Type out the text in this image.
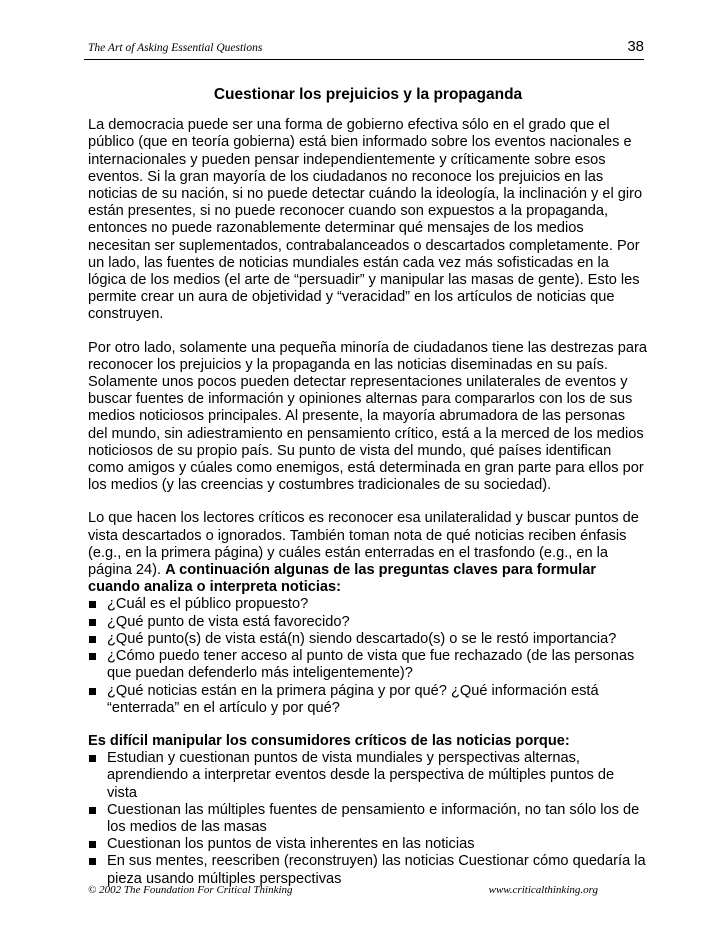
The Art of Asking Essential Questions	38
Cuestionar los prejuicios y la propaganda

La democracia puede ser una forma de gobierno efectiva sólo en el grado que el público (que en teoría gobierna) está bien informado sobre los eventos nacionales e internacionales y pueden pensar independientemente y críticamente sobre esos eventos. Si la gran mayoría de los ciudadanos no reconoce los prejuicios en las noticias de su nación, si no puede detectar cuándo la ideología, la inclinación y el giro están presentes, si no puede reconocer cuando son expuestos a la propaganda, entonces no puede razonablemente determinar qué mensajes de los medios necesitan ser suplementados, contrabalanceados o descartados completamente. Por un lado, las fuentes de noticias mundiales están cada vez más sofisticadas en la lógica de los medios (el arte de “persuadir” y manipular las masas de gente). Esto les permite crear un aura de objetividad y “veracidad” en los artículos de noticias que construyen.

Por otro lado, solamente una pequeña minoría de ciudadanos tiene las destrezas para reconocer los prejuicios y la propaganda en las noticias diseminadas en su país. Solamente unos pocos pueden detectar representaciones unilaterales de eventos y buscar fuentes de información y opiniones alternas para compararlos con los de sus medios noticiosos principales. Al presente, la mayoría abrumadora de las personas del mundo, sin adiestramiento en pensamiento crítico, está a la merced de los medios noticiosos de su propio país. Su punto de vista del mundo, qué países identifican como amigos y cúales como enemigos, está determinada en gran parte para ellos por los medios (y las creencias y costumbres tradicionales de su sociedad).

Lo que hacen los lectores críticos es reconocer esa unilateralidad y buscar puntos de vista descartados o ignorados. También toman nota de qué noticias reciben énfasis (e.g., en la primera página) y cuáles están enterradas en el trasfondo (e.g., en la página 24). A continuación algunas de las preguntas claves para formular cuando analiza o interpreta noticias:

¿Cuál es el público propuesto?
¿Qué punto de vista está favorecido?
¿Qué punto(s) de vista está(n) siendo descartado(s) o se le restó importancia?
¿Cómo puedo tener acceso al punto de vista que fue rechazado (de las personas que puedan defenderlo más inteligentemente)?
¿Qué noticias están en la primera página y por qué? ¿Qué información está “enterrada” en el artículo y por qué?
Es difícil manipular los consumidores críticos de las noticias porque:
Estudian y cuestionan puntos de vista mundiales y perspectivas alternas, aprendiendo a interpretar eventos desde la perspectiva de múltiples puntos de vista
Cuestionan las múltiples fuentes de pensamiento e información, no tan sólo los de los medios de las masas
Cuestionan los puntos de vista inherentes en las noticias
En sus mentes, reescriben (reconstruyen) las noticias Cuestionar cómo quedaría la pieza usando múltiples perspectivas
© 2002 The Foundation For Critical Thinking	www.criticalthinking.org
